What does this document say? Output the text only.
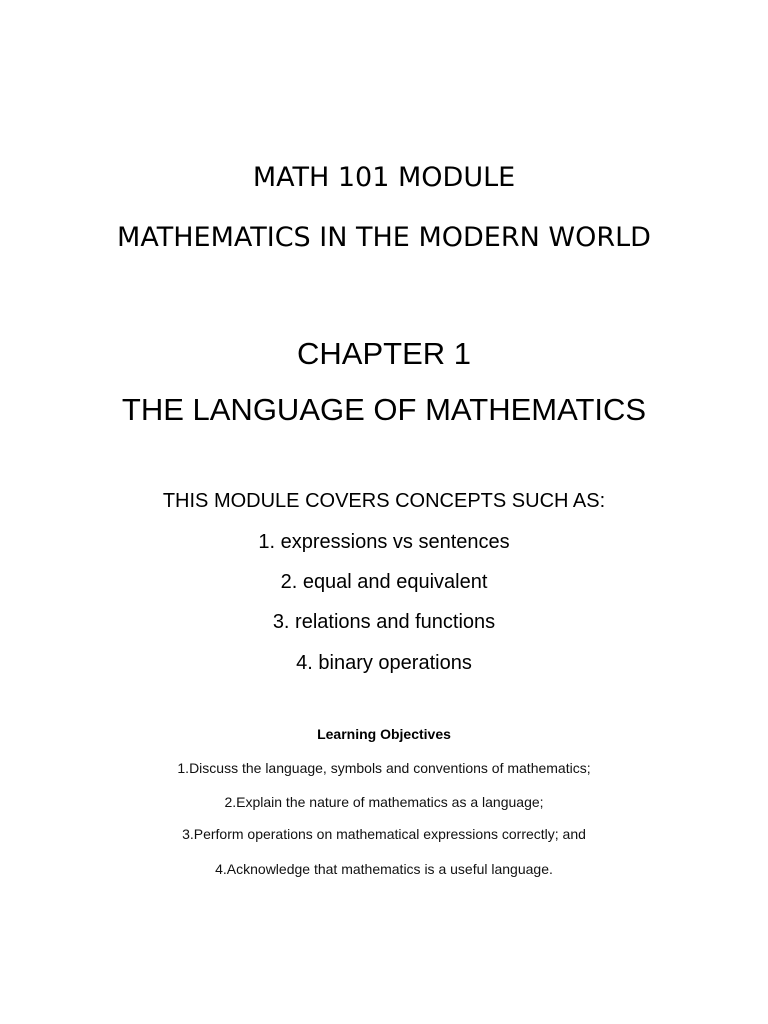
MATH 101 MODULE
MATHEMATICS IN THE MODERN WORLD
CHAPTER 1
THE LANGUAGE OF MATHEMATICS
THIS MODULE COVERS CONCEPTS SUCH AS:
1. expressions vs sentences
2. equal and equivalent
3. relations and functions
4. binary operations
Learning Objectives
1.Discuss the language, symbols and conventions of mathematics;
2.Explain the nature of mathematics as a language;
3.Perform operations on mathematical expressions correctly; and
4.Acknowledge that mathematics is a useful language.
